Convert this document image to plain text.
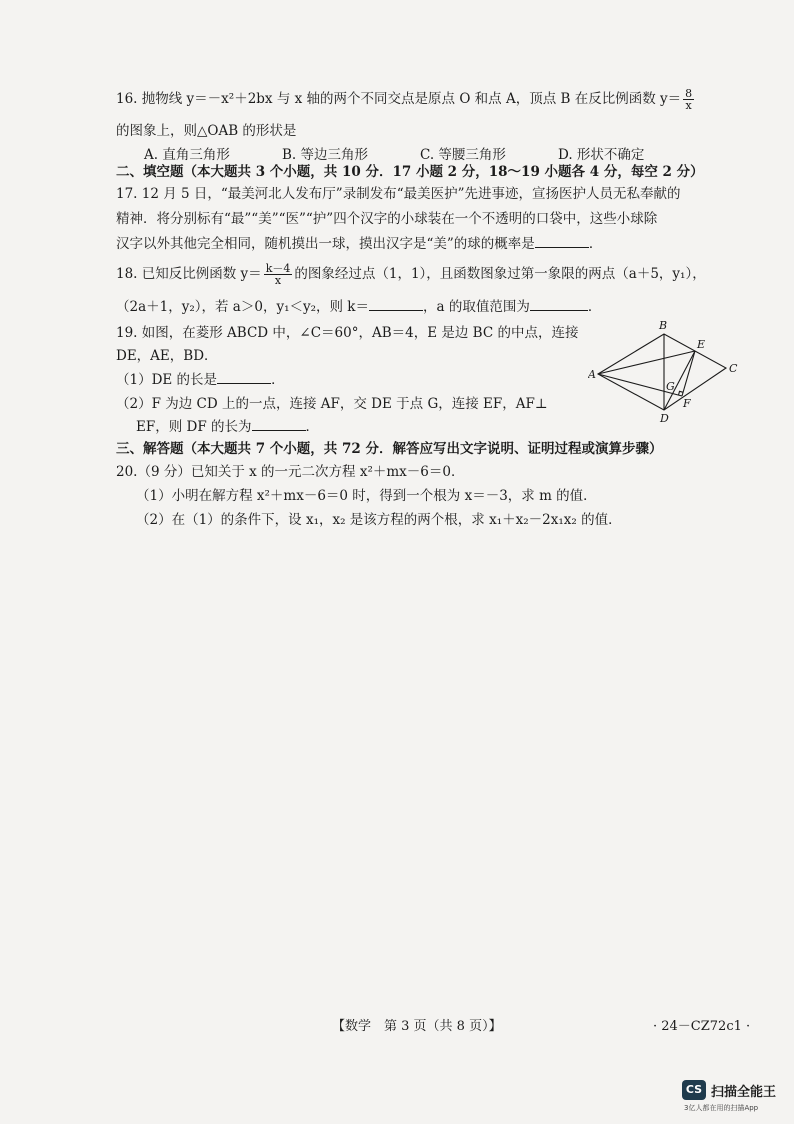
16. 抛物线 y＝－x²＋2bx 与 x 轴的两个不同交点是原点 O 和点 A，顶点 B 在反比例函数 $y= \frac{8}{x}$
的图象上，则△OAB 的形状是
A. 直角三角形	B. 等边三角形	C. 等腰三角形	D. 形状不确定
二、填空题（本大题共 3 个小题，共 10 分．17 小题 2 分，18～19 小题各 4 分，每空 2 分）
17. 12 月 5 日，“最美河北人发布厅”录制发布“最美医护”先进事迹，宣扬医护人员无私奉献的
精神．将分别标有“最”“美”“医”“护”四个汉字的小球装在一个不透明的口袋中，这些小球除
汉字以外其他完全相同，随机摸出一球，摸出汉字是“美”的球的概率是	．
18. 已知反比例函数 $y= \frac{k-4}{x}$ 的图象经过点（1，1），且函数图象过第一象限的两点（a＋5，y₁），
（2a＋1，y₂），若 a＞0，y₁＜y₂，则 k＝	，a 的取值范围为	．
19. 如图，在菱形 ABCD 中，∠C＝60°，AB＝4，E 是边 BC 的中点，连接
DE，AE，BD．
（1）DE 的长是	．
（2）F 为边 CD 上的一点，连接 AF，交 DE 于点 G，连接 EF，AF⊥
EF，则 DF 的长为	．
A
B
C
D
E
F
G
三、解答题（本大题共 7 个小题，共 72 分．解答应写出文字说明、证明过程或演算步骤）
20.（9 分）已知关于 x 的一元二次方程 x²＋mx－6＝0．
（1）小明在解方程 x²＋mx－6＝0 时，得到一个根为 x＝－3，求 m 的值．
（2）在（1）的条件下，设 x₁，x₂ 是该方程的两个根，求 x₁＋x₂－2x₁x₂ 的值．
【数学　第 3 页（共 8 页）】	· 24－CZ72c1 ·
CS 扫描全能王
3亿人都在用的扫描App
